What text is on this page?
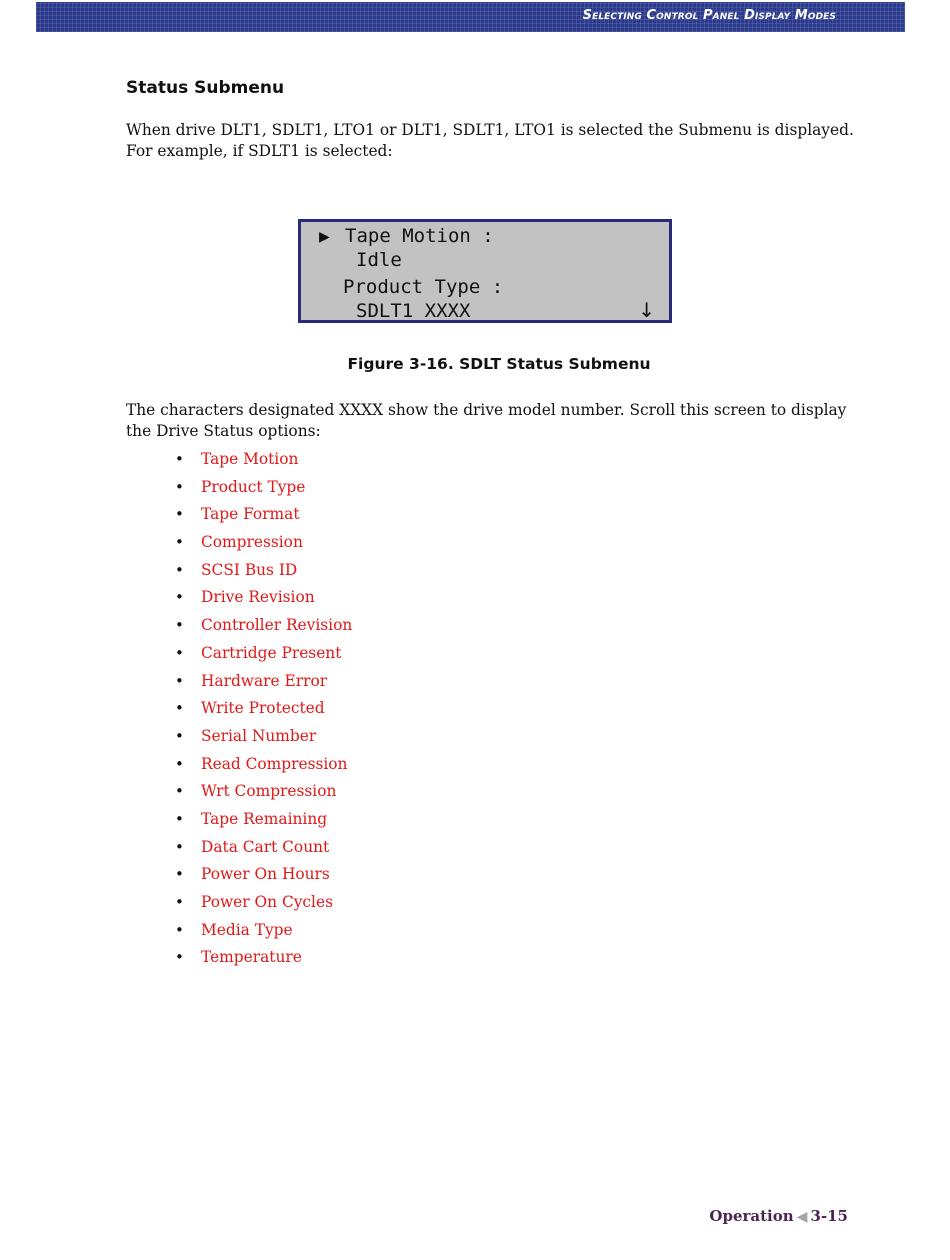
Selecting Control Panel Display Modes
Status Submenu

When drive DLT1, SDLT1, LTO1 or DLT1, SDLT1, LTO1 is selected the Submenu is displayed. For example, if SDLT1 is selected:

▶ Tape Motion :
Idle
Product Type :
SDLT1 XXXX	↓
Figure 3-16. SDLT Status Submenu

The characters designated XXXX show the drive model number. Scroll this screen to display the Drive Status options:

• Tape Motion
• Product Type
• Tape Format
• Compression
• SCSI Bus ID
• Drive Revision
• Controller Revision
• Cartridge Present
• Hardware Error
• Write Protected
• Serial Number
• Read Compression
• Wrt Compression
• Tape Remaining
• Data Cart Count
• Power On Hours
• Power On Cycles
• Media Type
• Temperature
Operation ◀ 3-15
